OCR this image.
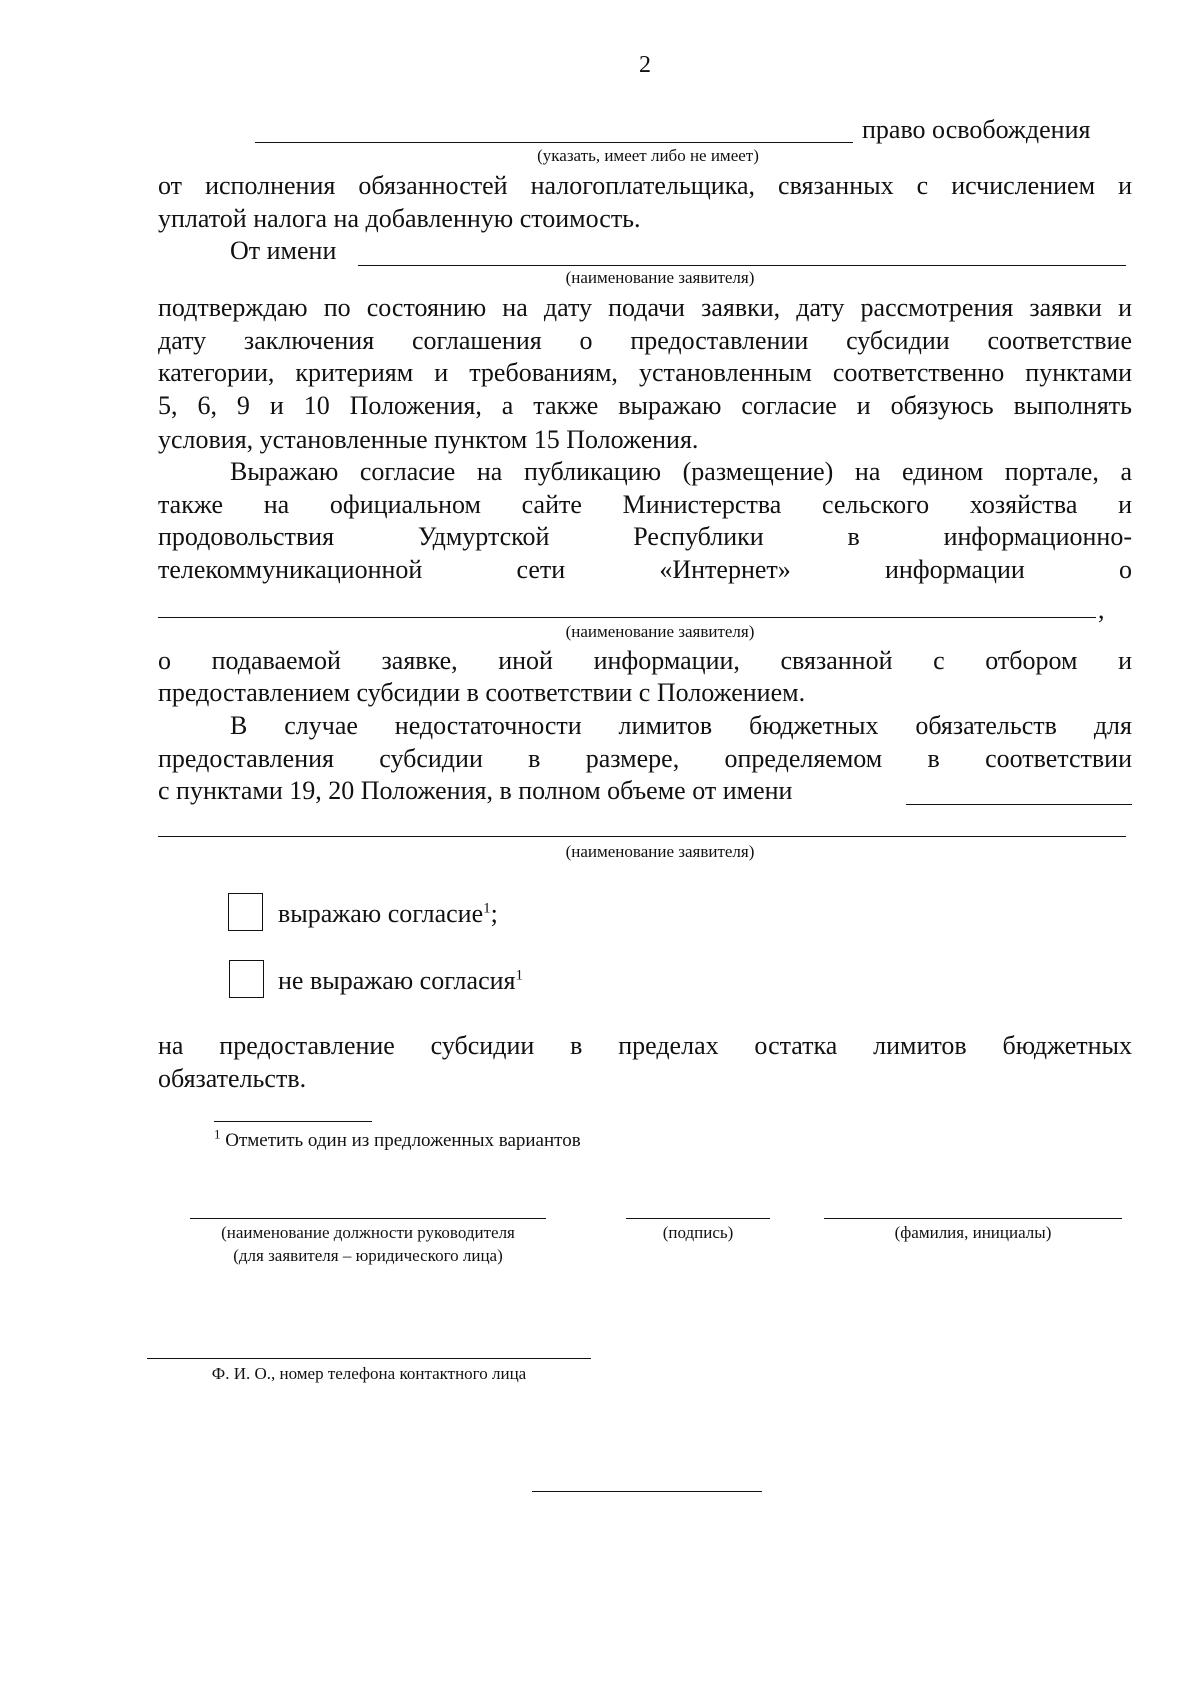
2
право освобождения
(указать, имеет либо не имеет)
от исполнения обязанностей налогоплательщика, связанных с исчислением и
уплатой налога на добавленную стоимость.
От имени
(наименование заявителя)
подтверждаю по состоянию на дату подачи заявки, дату рассмотрения заявки и
дату заключения соглашения о предоставлении субсидии соответствие
категории, критериям и требованиям, установленным соответственно пунктами
5, 6, 9 и 10 Положения, а также выражаю согласие и обязуюсь выполнять
условия, установленные пунктом 15 Положения.
Выражаю согласие на публикацию (размещение) на едином портале, а
также на официальном сайте Министерства сельского хозяйства и
продовольствия Удмуртской Республики в информационно-
телекоммуникационной сети «Интернет» информации о
,
(наименование заявителя)
о подаваемой заявке, иной информации, связанной с отбором и
предоставлением субсидии в соответствии с Положением.
В случае недостаточности лимитов бюджетных обязательств для
предоставления субсидии в размере, определяемом в соответствии
с пунктами 19, 20 Положения, в полном объеме от имени
(наименование заявителя)
выражаю согласие$^1$;
не выражаю согласия$^1$
на предоставление субсидии в пределах остатка лимитов бюджетных
обязательств.
$^1$ Отметить один из предложенных вариантов
(наименование должности руководителя
(для заявителя – юридического лица)
(подпись)	(фамилия, инициалы)
Ф. И. О., номер телефона контактного лица
